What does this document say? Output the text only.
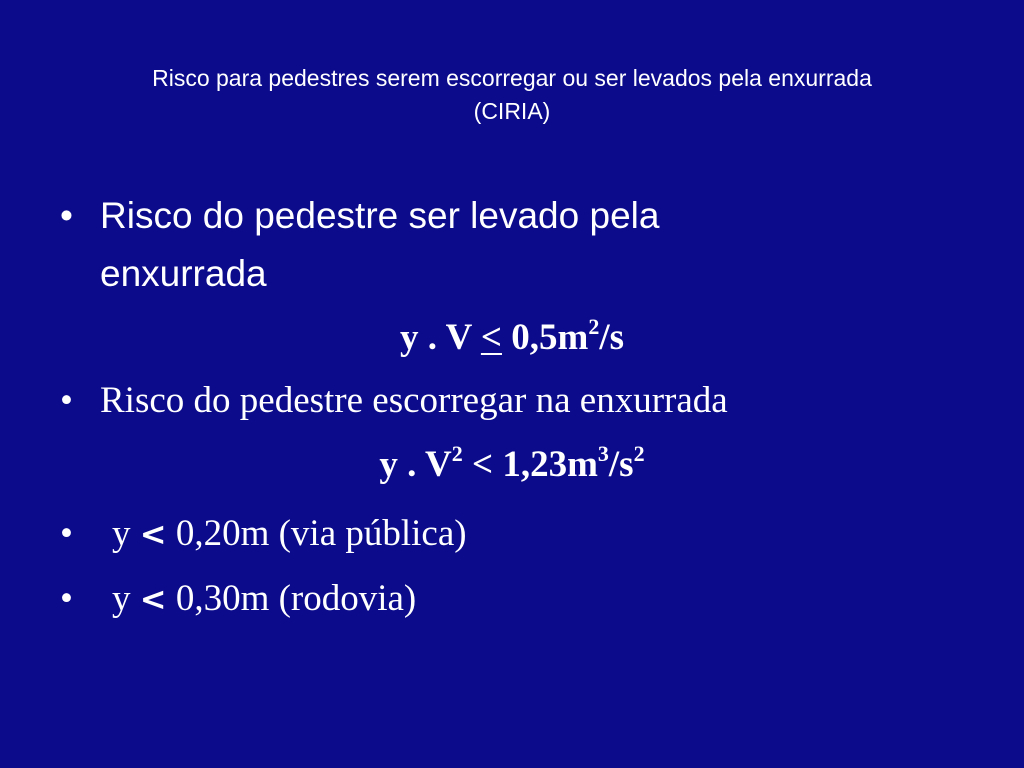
Risco para pedestres serem escorregar ou ser levados pela enxurrada
(CIRIA)
• Risco do pedestre ser levado pela
enxurrada
y . $V < 0,5m^2/s$
• Risco do pedestre escorregar na enxurrada
y . $V^2 < 1,23m^3/s^2$
•	y < 0,20m (via pública)
•	y < 0,30m (rodovia)
